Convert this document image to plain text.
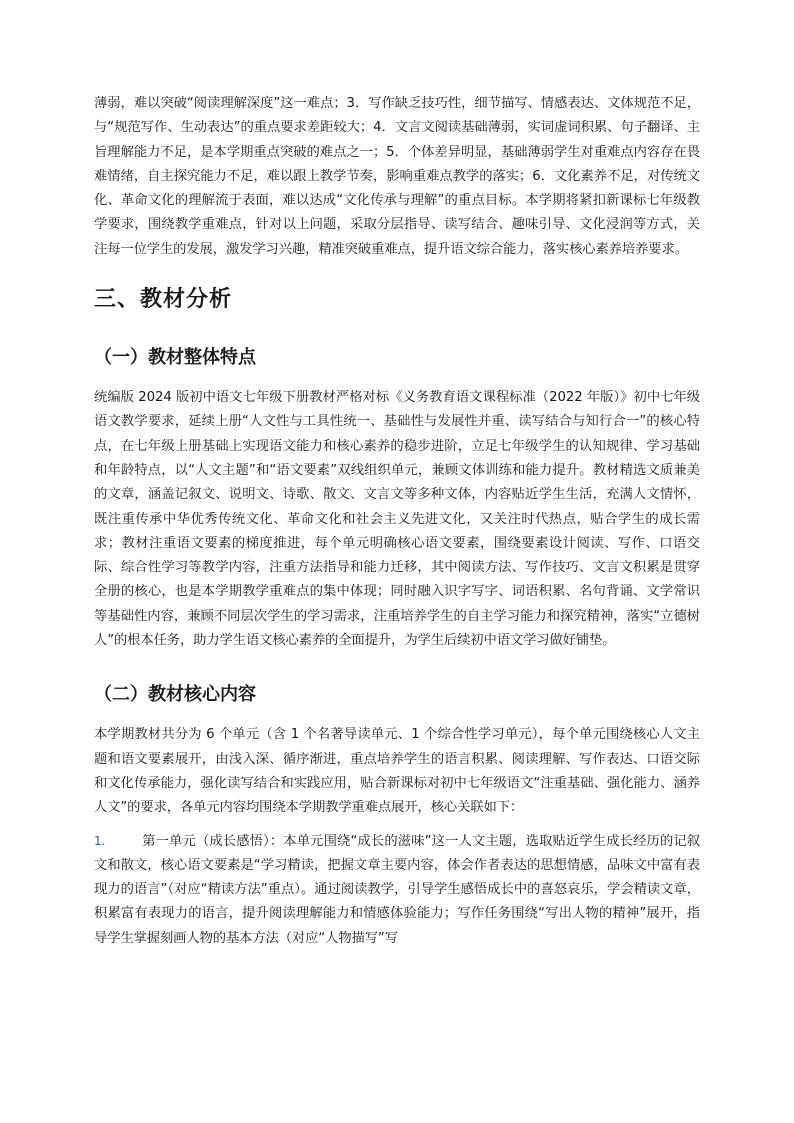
薄弱，难以突破“阅读理解深度”这一难点；3．写作缺乏技巧性，细节描写、情感表达、文体规范不足，与“规范写作、生动表达”的重点要求差距较大；4．文言文阅读基础薄弱，实词虚词积累、句子翻译、主旨理解能力不足，是本学期重点突破的难点之一；5．个体差异明显，基础薄弱学生对重难点内容存在畏难情绪，自主探究能力不足，难以跟上教学节奏，影响重难点教学的落实；6．文化素养不足，对传统文化、革命文化的理解流于表面，难以达成“文化传承与理解”的重点目标。本学期将紧扣新课标七年级教学要求，围绕教学重难点，针对以上问题，采取分层指导、读写结合、趣味引导、文化浸润等方式，关注每一位学生的发展，激发学习兴趣，精准突破重难点，提升语文综合能力，落实核心素养培养要求。

三、教材分析
（一）教材整体特点

统编版 2024 版初中语文七年级下册教材严格对标《义务教育语文课程标准（2022 年版）》初中七年级语文教学要求，延续上册“人文性与工具性统一、基础性与发展性并重、读写结合与知行合一”的核心特点，在七年级上册基础上实现语文能力和核心素养的稳步进阶，立足七年级学生的认知规律、学习基础和年龄特点，以“人文主题”和“语文要素”双线组织单元，兼顾文体训练和能力提升。教材精选文质兼美的文章，涵盖记叙文、说明文、诗歌、散文、文言文等多种文体，内容贴近学生生活，充满人文情怀，既注重传承中华优秀传统文化、革命文化和社会主义先进文化，又关注时代热点，贴合学生的成长需求；教材注重语文要素的梯度推进，每个单元明确核心语文要素，围绕要素设计阅读、写作、口语交际、综合性学习等教学内容，注重方法指导和能力迁移，其中阅读方法、写作技巧、文言文积累是贯穿全册的核心，也是本学期教学重难点的集中体现；同时融入识字写字、词语积累、名句背诵、文学常识等基础性内容，兼顾不同层次学生的学习需求，注重培养学生的自主学习能力和探究精神，落实“立德树人”的根本任务，助力学生语文核心素养的全面提升，为学生后续初中语文学习做好铺垫。

（二）教材核心内容

本学期教材共分为 6 个单元（含 1 个名著导读单元、1 个综合性学习单元），每个单元围绕核心人文主题和语文要素展开，由浅入深、循序渐进，重点培养学生的语言积累、阅读理解、写作表达、口语交际和文化传承能力，强化读写结合和实践应用，贴合新课标对初中七年级语文“注重基础、强化能力、涵养人文”的要求，各单元内容均围绕本学期教学重难点展开，核心关联如下：

1.	第一单元（成长感悟）：本单元围绕“成长的滋味”这一人文主题，选取贴近学生成长经历的记叙文和散文，核心语文要素是“学习精读，把握文章主要内容，体会作者表达的思想情感，品味文中富有表现力的语言”（对应“精读方法”重点）。通过阅读教学，引导学生感悟成长中的喜怒哀乐，学会精读文章，积累富有表现力的语言，提升阅读理解能力和情感体验能力；写作任务围绕“写出人物的精神”展开，指导学生掌握刻画人物的基本方法（对应“人物描写”写
